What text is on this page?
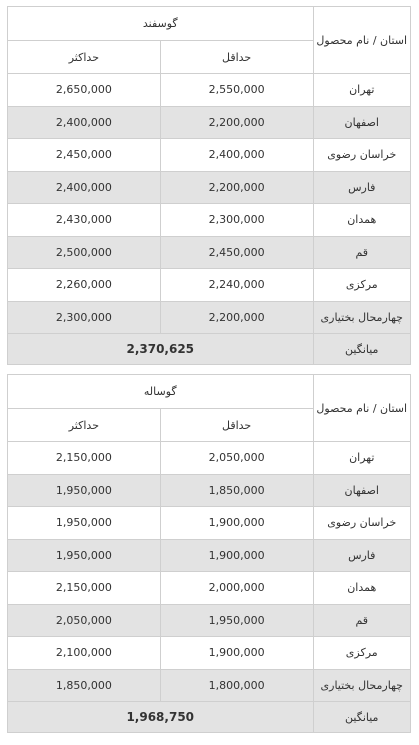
گوسفند		استان / نام محصول
حداکثر	حداقل	
2,650,000	2,550,000	تهران
2,400,000	2,200,000	اصفهان
2,450,000	2,400,000	خراسان رضوی
2,400,000	2,200,000	فارس
2,430,000	2,300,000	همدان
2,500,000	2,450,000	قم
2,260,000	2,240,000	مرکزی
2,300,000	2,200,000	چهارمحال بختیاری
2,370,625		میانگین
گوساله		استان / نام محصول
حداکثر	حداقل	
2,150,000	2,050,000	تهران
1,950,000	1,850,000	اصفهان
1,950,000	1,900,000	خراسان رضوی
1,950,000	1,900,000	فارس
2,150,000	2,000,000	همدان
2,050,000	1,950,000	قم
2,100,000	1,900,000	مرکزی
1,850,000	1,800,000	چهارمحال بختیاری
1,968,750		میانگین
